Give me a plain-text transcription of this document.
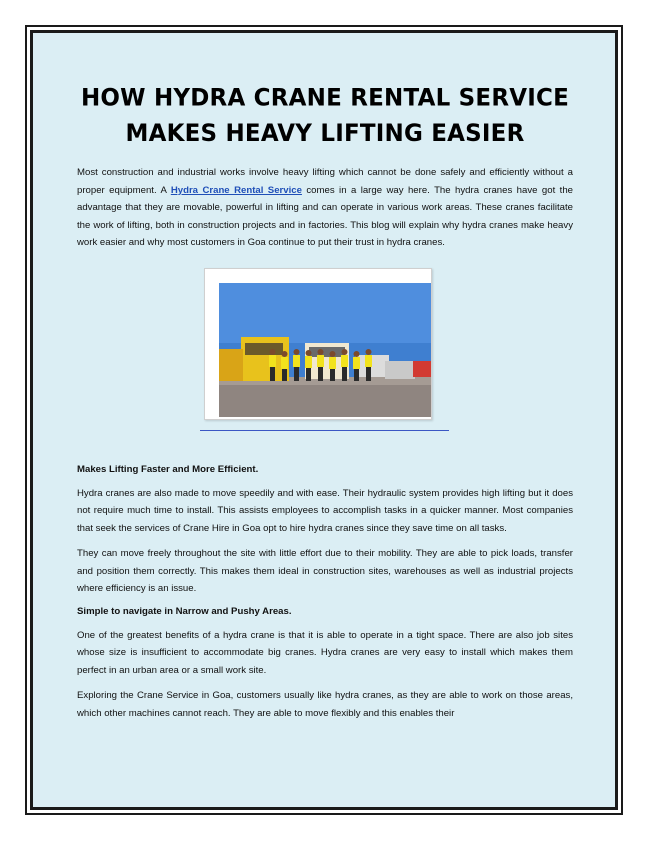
HOW HYDRA CRANE RENTAL SERVICE
MAKES HEAVY LIFTING EASIER

Most construction and industrial works involve heavy lifting which cannot be done safely and efficiently without a proper equipment. A Hydra Crane Rental Service comes in a large way here. The hydra cranes have got the advantage that they are movable, powerful in lifting and can operate in various work areas. These cranes facilitate the work of lifting, both in construction projects and in factories. This blog will explain why hydra cranes make heavy work easier and why most customers in Goa continue to put their trust in hydra cranes.

Makes Lifting Faster and More Efficient.

Hydra cranes are also made to move speedily and with ease. Their hydraulic system provides high lifting but it does not require much time to install. This assists employees to accomplish tasks in a quicker manner. Most companies that seek the services of Crane Hire in Goa opt to hire hydra cranes since they save time on all tasks.

They can move freely throughout the site with little effort due to their mobility. They are able to pick loads, transfer and position them correctly. This makes them ideal in construction sites, warehouses as well as industrial projects where efficiency is an issue.

Simple to navigate in Narrow and Pushy Areas.

One of the greatest benefits of a hydra crane is that it is able to operate in a tight space. There are also job sites whose size is insufficient to accommodate big cranes. Hydra cranes are very easy to install which makes them perfect in an urban area or a small work site.

Exploring the Crane Service in Goa, customers usually like hydra cranes, as they are able to work on those areas, which other machines cannot reach. They are able to move flexibly and this enables their
